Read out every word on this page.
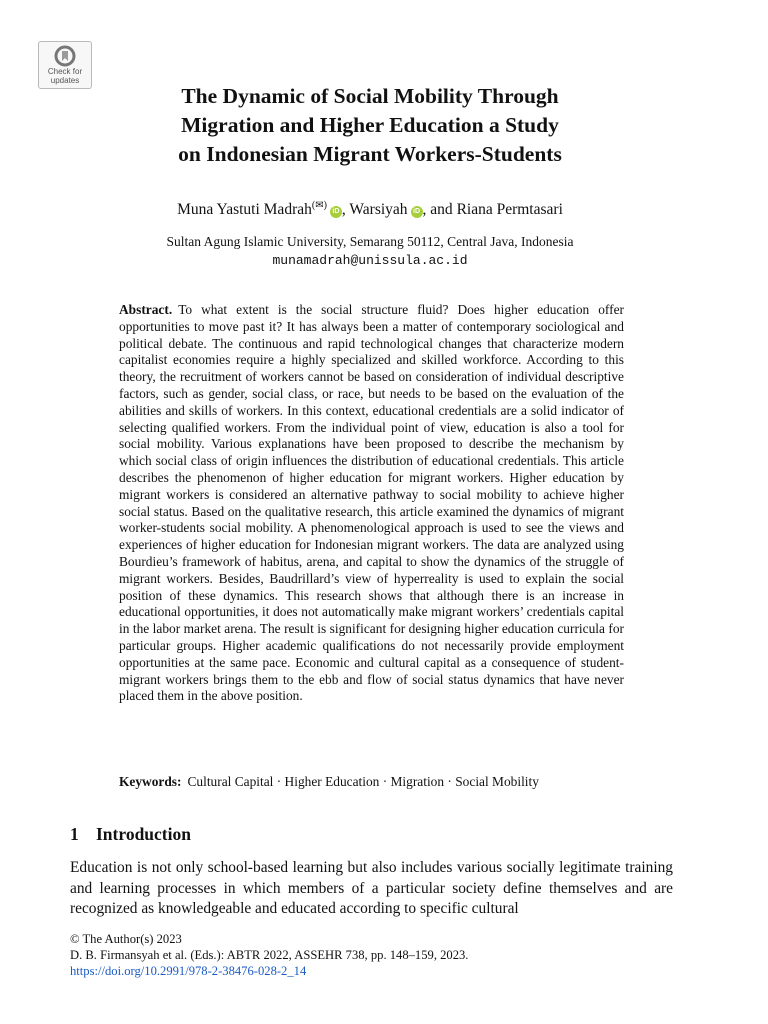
Check for
updates
The Dynamic of Social Mobility Through
Migration and Higher Education a Study
on Indonesian Migrant Workers-Students
Muna Yastuti Madrah(✉)iD , Warsiyah iD , and Riana Permtasari
Sultan Agung Islamic University, Semarang 50112, Central Java, Indonesia
munamadrah@unissula.ac.id

Abstract. To what extent is the social structure fluid? Does higher education offer opportunities to move past it? It has always been a matter of contemporary sociological and political debate. The continuous and rapid technological changes that characterize modern capitalist economies require a highly specialized and skilled workforce. According to this theory, the recruitment of workers cannot be based on consideration of individual descriptive factors, such as gender, social class, or race, but needs to be based on the evaluation of the abilities and skills of workers. In this context, educational credentials are a solid indicator of selecting qualified workers. From the individual point of view, education is also a tool for social mobility. Various explanations have been proposed to describe the mechanism by which social class of origin influences the distribution of educational credentials. This article describes the phenomenon of higher education for migrant workers. Higher education by migrant workers is considered an alternative pathway to social mobility to achieve higher social status. Based on the qualitative research, this article examined the dynamics of migrant worker-students social mobility. A phenomenological approach is used to see the views and experiences of higher education for Indonesian migrant workers. The data are analyzed using Bourdieu’s framework of habitus, arena, and capital to show the dynamics of the struggle of migrant workers. Besides, Baudrillard’s view of hyperreality is used to explain the social position of these dynamics. This research shows that although there is an increase in educational opportunities, it does not automatically make migrant workers’ credentials capital in the labor market arena. The result is significant for designing higher education curricula for particular groups. Higher academic qualifications do not necessarily provide employment opportunities at the same pace. Economic and cultural capital as a consequence of student-migrant workers brings them to the ebb and flow of social status dynamics that have never placed them in the above position.

Keywords: Cultural Capital · Higher Education · Migration · Social Mobility
1 Introduction

Education is not only school-based learning but also includes various socially legitimate training and learning processes in which members of a particular society define themselves and are recognized as knowledgeable and educated according to specific cultural

© The Author(s) 2023
D. B. Firmansyah et al. (Eds.): ABTR 2022, ASSEHR 738, pp. 148–159, 2023.
https://doi.org/10.2991/978-2-38476-028-2_14
